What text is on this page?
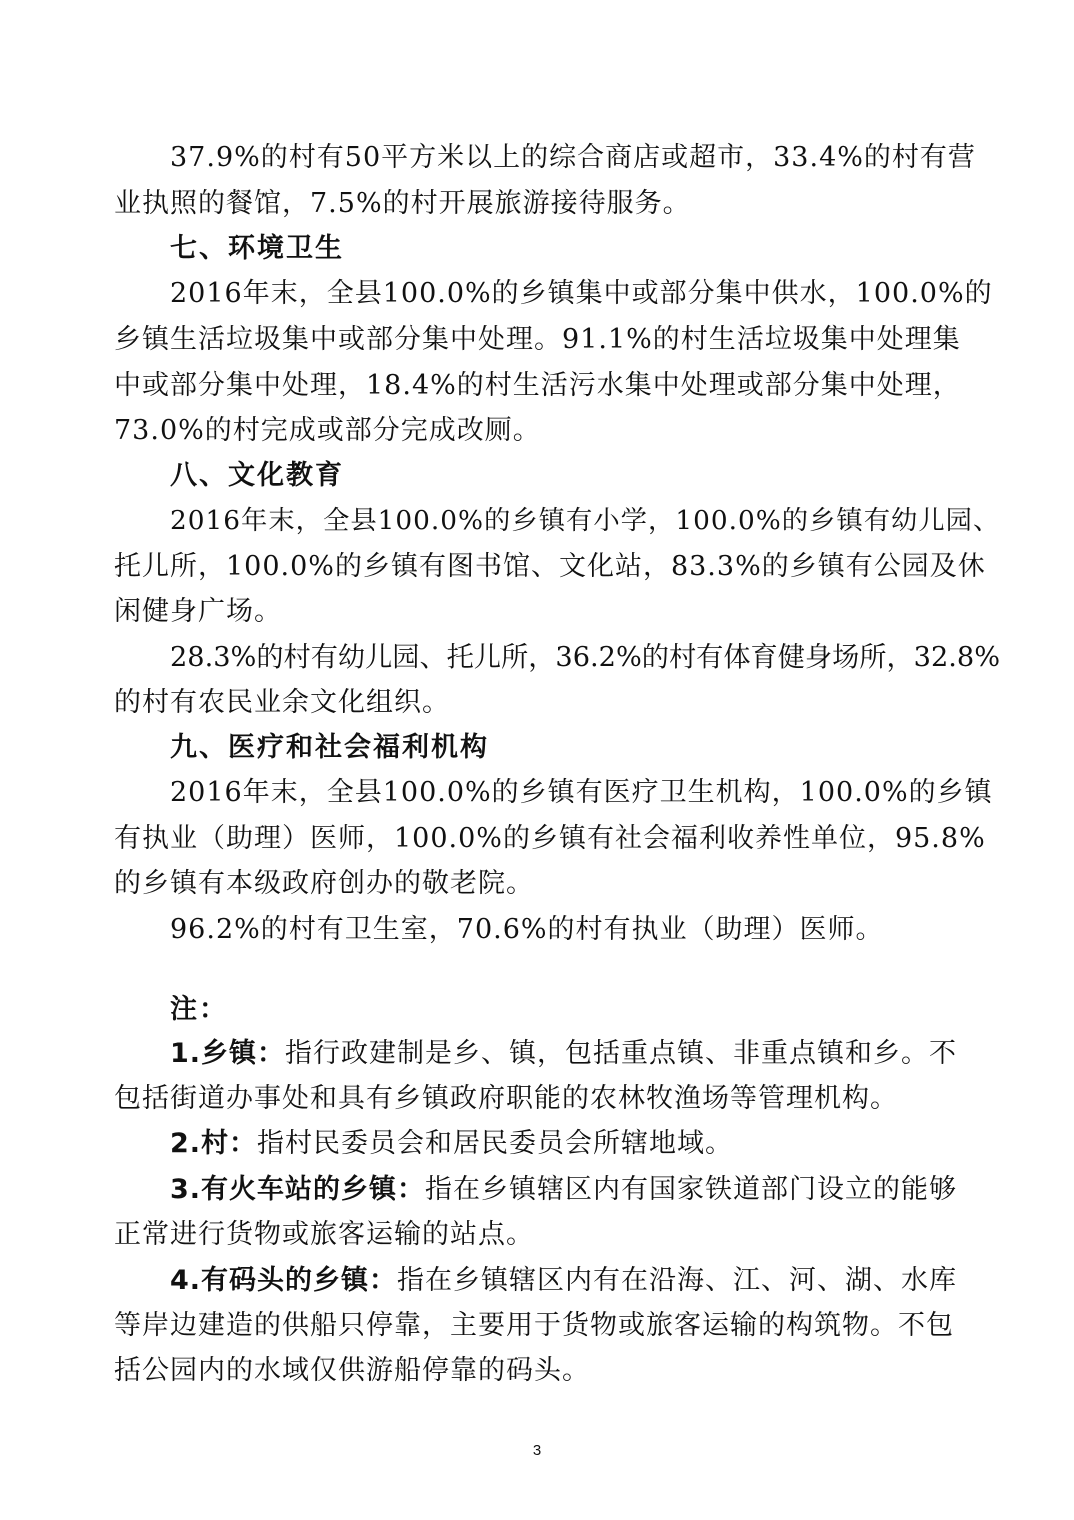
37.9%的村有50平方米以上的综合商店或超市，33.4%的村有营
业执照的餐馆，7.5%的村开展旅游接待服务。
七、环境卫生
2016年末，全县100.0%的乡镇集中或部分集中供水，100.0%的
乡镇生活垃圾集中或部分集中处理。91.1%的村生活垃圾集中处理集
中或部分集中处理，18.4%的村生活污水集中处理或部分集中处理，
73.0%的村完成或部分完成改厕。
八、文化教育
2016年末，全县100.0%的乡镇有小学，100.0%的乡镇有幼儿园、
托儿所，100.0%的乡镇有图书馆、文化站，83.3%的乡镇有公园及休
闲健身广场。
28.3%的村有幼儿园、托儿所，36.2%的村有体育健身场所，32.8%
的村有农民业余文化组织。
九、医疗和社会福利机构
2016年末，全县100.0%的乡镇有医疗卫生机构，100.0%的乡镇
有执业（助理）医师，100.0%的乡镇有社会福利收养性单位，95.8%
的乡镇有本级政府创办的敬老院。
96.2%的村有卫生室，70.6%的村有执业（助理）医师。
注：
1.乡镇：指行政建制是乡、镇，包括重点镇、非重点镇和乡。不
包括街道办事处和具有乡镇政府职能的农林牧渔场等管理机构。
2.村：指村民委员会和居民委员会所辖地域。
3.有火车站的乡镇：指在乡镇辖区内有国家铁道部门设立的能够
正常进行货物或旅客运输的站点。
4.有码头的乡镇：指在乡镇辖区内有在沿海、江、河、湖、水库
等岸边建造的供船只停靠，主要用于货物或旅客运输的构筑物。不包
括公园内的水域仅供游船停靠的码头。
3
